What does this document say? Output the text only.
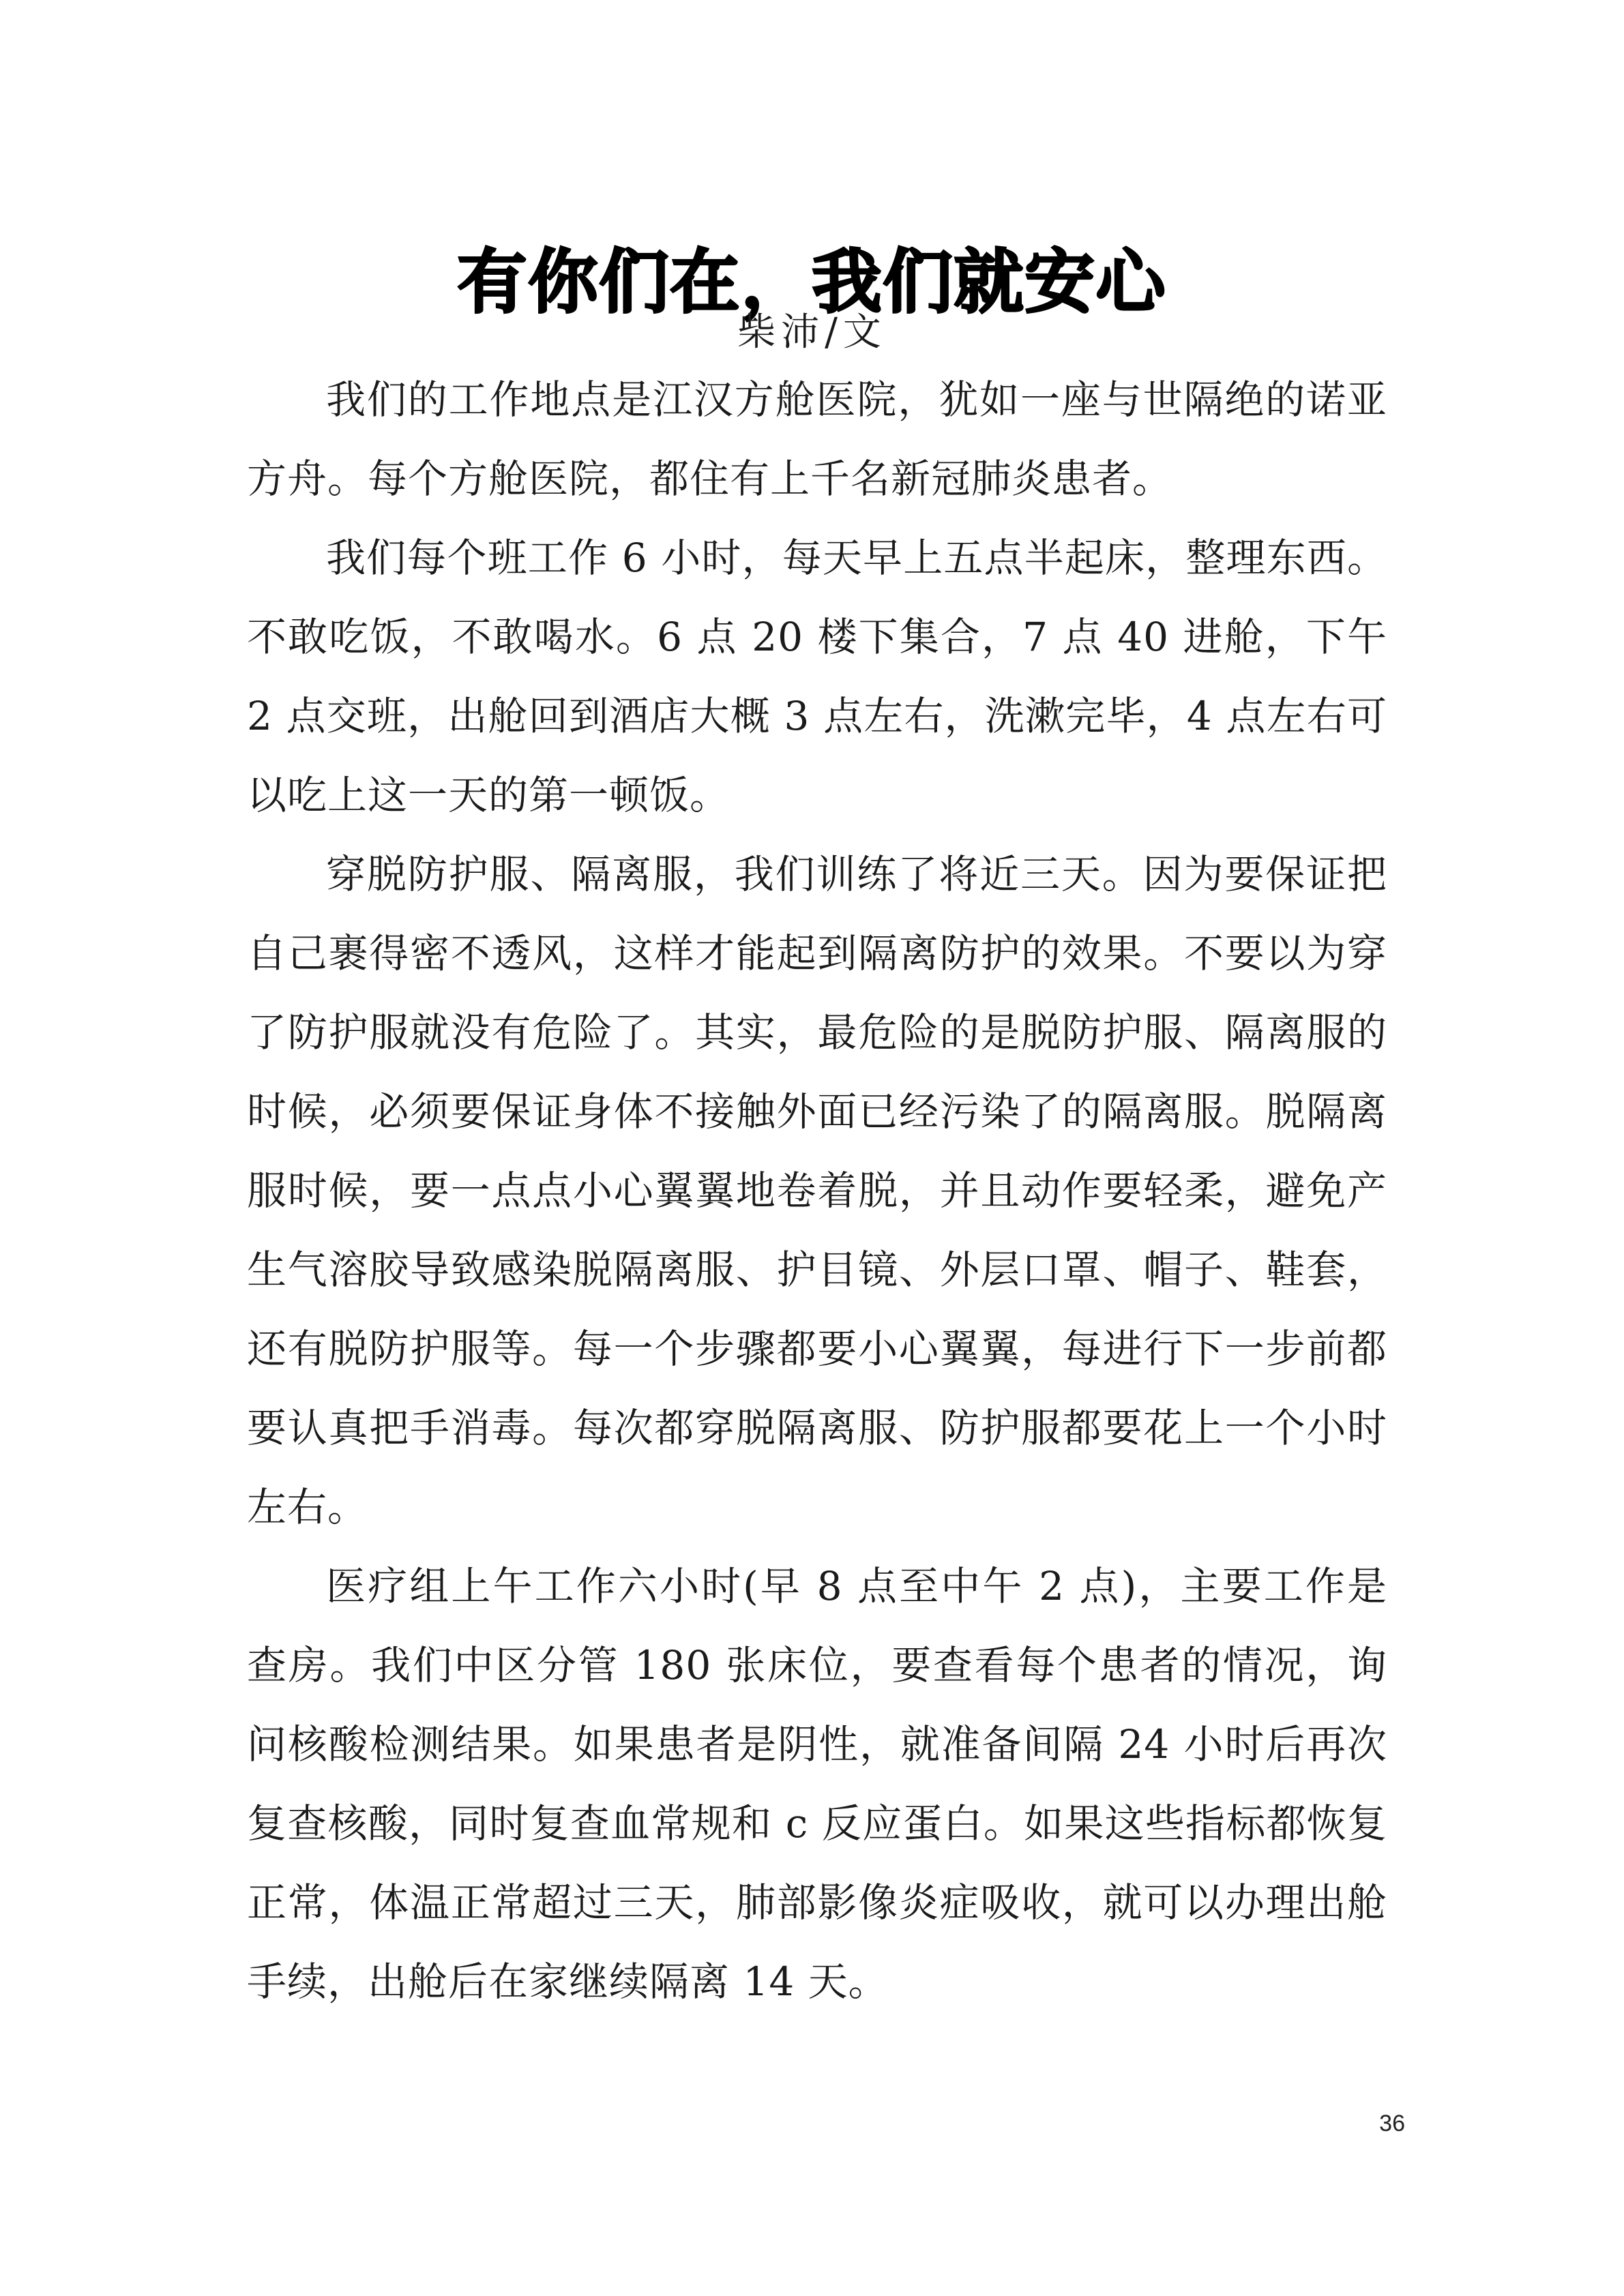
有你们在，我们就安心
柴沛/文

我们的工作地点是江汉方舱医院，犹如一座与世隔绝的诺亚方舟。每个方舱医院，都住有上千名新冠肺炎患者。

我们每个班工作 6 小时，每天早上五点半起床，整理东西。不敢吃饭，不敢喝水。6 点 20 楼下集合，7 点 40 进舱，下午 2 点交班，出舱回到酒店大概 3 点左右，洗漱完毕，4 点左右可以吃上这一天的第一顿饭。

穿脱防护服、隔离服，我们训练了将近三天。因为要保证把自己裹得密不透风，这样才能起到隔离防护的效果。不要以为穿了防护服就没有危险了。其实，最危险的是脱防护服、隔离服的时候，必须要保证身体不接触外面已经污染了的隔离服。脱隔离服时候，要一点点小心翼翼地卷着脱，并且动作要轻柔，避免产生气溶胶导致感染脱隔离服、护目镜、外层口罩、帽子、鞋套，还有脱防护服等。每一个步骤都要小心翼翼，每进行下一步前都要认真把手消毒。每次都穿脱隔离服、防护服都要花上一个小时左右。

医疗组上午工作六小时(早 8 点至中午 2 点)，主要工作是查房。我们中区分管 180 张床位，要查看每个患者的情况，询问核酸检测结果。如果患者是阴性，就准备间隔 24 小时后再次复查核酸，同时复查血常规和 c 反应蛋白。如果这些指标都恢复正常，体温正常超过三天，肺部影像炎症吸收，就可以办理出舱手续，出舱后在家继续隔离 14 天。

36
